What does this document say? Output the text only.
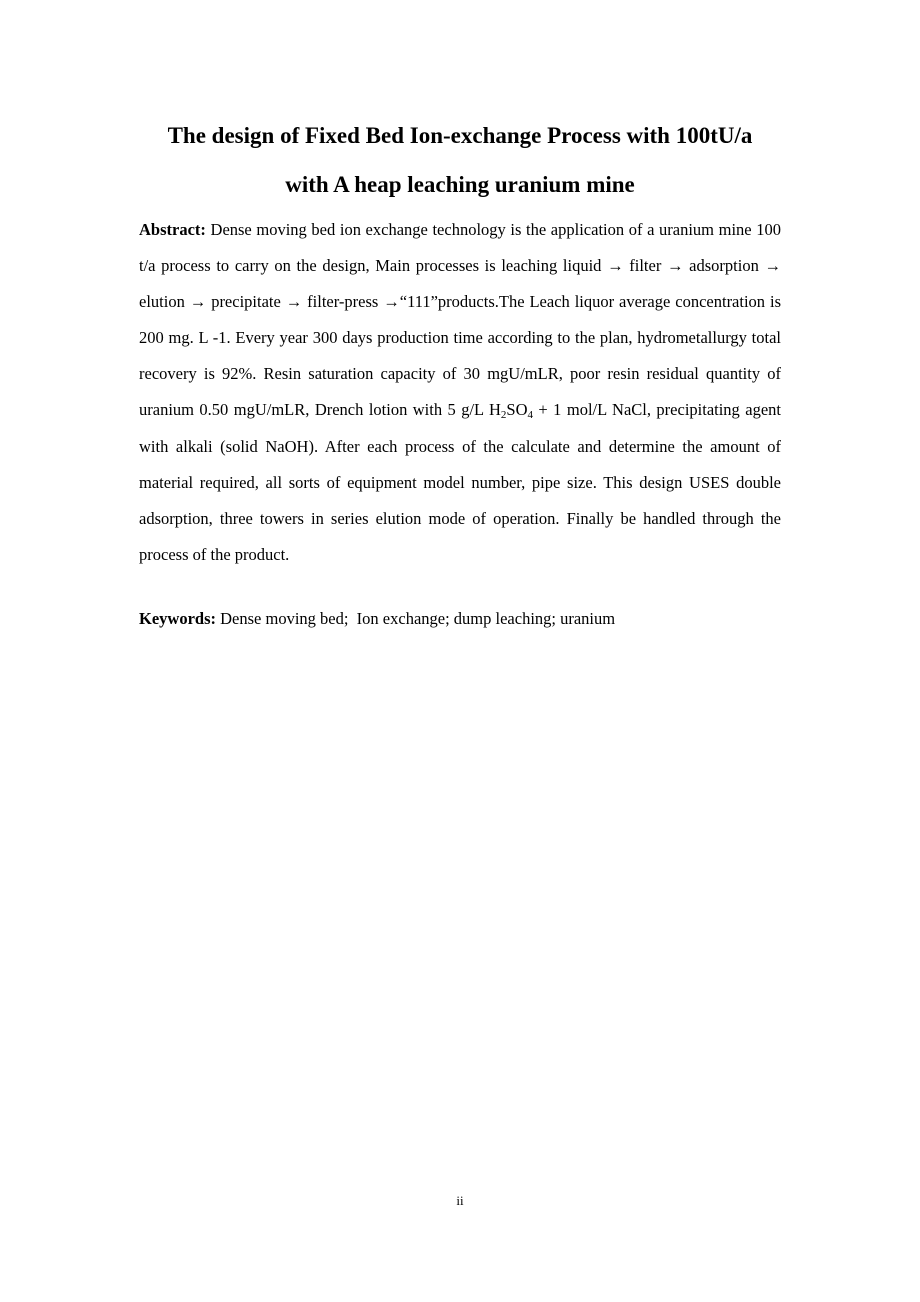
The design of Fixed Bed Ion-exchange Process with 100tU/a
with A heap leaching uranium mine

Abstract: Dense moving bed ion exchange technology is the application of a uranium mine 100 t/a process to carry on the design, Main processes is leaching liquid → filter → adsorption → elution → precipitate → filter-press →“111”products.The Leach liquor average concentration is 200 mg. L -1. Every year 300 days production time according to the plan, hydrometallurgy total recovery is 92%. Resin saturation capacity of 30 mgU/mLR, poor resin residual quantity of uranium 0.50 mgU/mLR, Drench lotion with 5 g/L $H_2SO_4 + 1$ mol/L NaCl, precipitating agent with alkali (solid NaOH). After each process of the calculate and determine the amount of material required, all sorts of equipment model number, pipe size. This design USES double adsorption, three towers in series elution mode of operation. Finally be handled through the process of the product.

Keywords: Dense moving bed;  Ion exchange; dump leaching; uranium

ii
